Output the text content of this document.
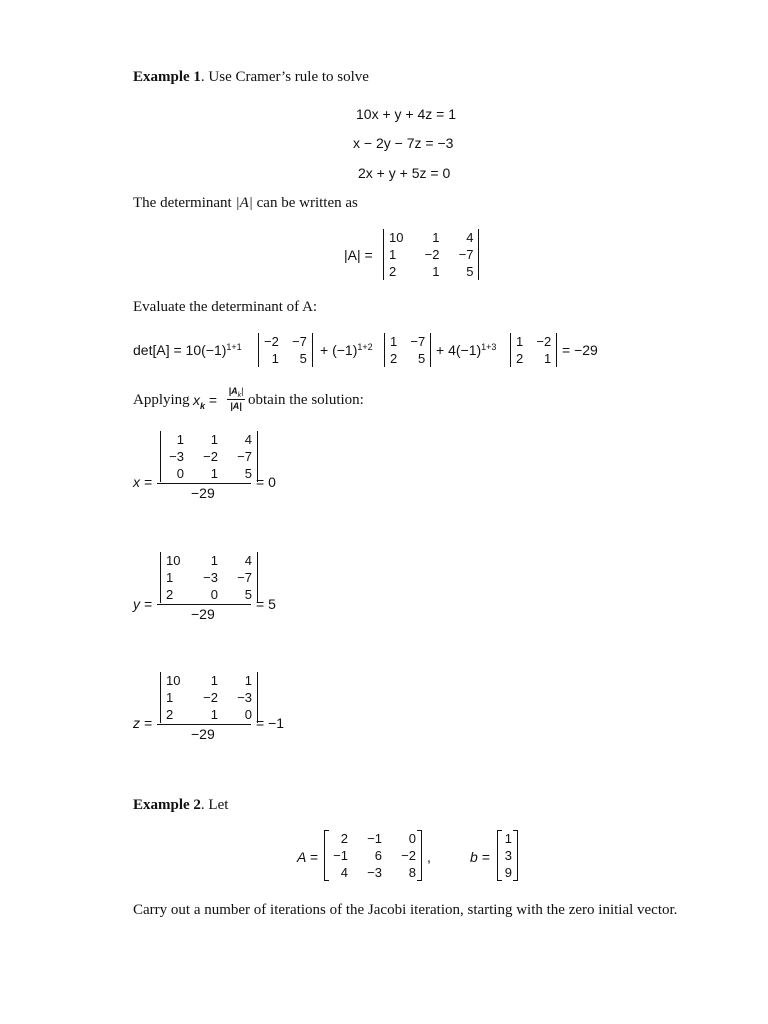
Example 1. Use Cramer’s rule to solve
10x + y + 4z = 1
x − 2y − 7z = −3
2x + y + 5z = 0
The determinant |A| can be written as
|A| =
10	1	4
1	−2	−7
2	1	5
Evaluate the determinant of A:
$\det[A] = 10(-1)^{1+1} -2$	−7
1	5
+ $(-1)^{1+2}$ 1	−7
2	5
+ $4(-1)^{1+3}$ 1	−2
2	1
= −29
Applying $x_k$ =
$|A_k|$
|A| obtain the solution:
x =
1	1	4
−3	−2	−7
0	1	5
−29
= 0
y =
10	1	4
1	−3	−7
2	0	5
−29
= 5
z =
10	1	1
1	−2	−3
2	1	0
−29
= −1
Example 2. Let
A =
2	−1	0
−1	6	−2
4	−3	8
,	b =
1
3
9
Carry out a number of iterations of the Jacobi iteration, starting with the zero initial vector.
